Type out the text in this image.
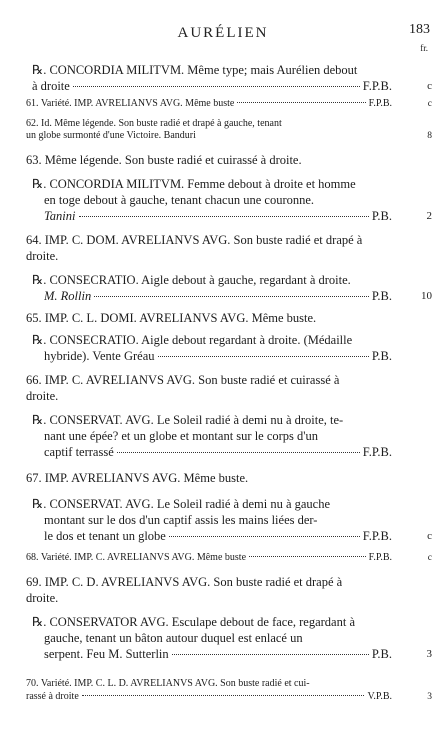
AURÉLIEN	183
fr.
℞. CONCORDIA MILITVM. Même type; mais Aurélien debout
à droite	F.P.B.	c
61. Variété. IMP. AVRELIANVS AVG. Même buste	F.P.B.	c
62. Id. Même légende. Son buste radié et drapé à gauche, tenant
un globe surmonté d'une Victoire. Banduri	8
63. Même légende. Son buste radié et cuirassé à droite.
℞. CONCORDIA MILITVM. Femme debout à droite et homme
en toge debout à gauche, tenant chacun une couronne.
Tanini	P.B.	2
64. IMP. C. DOM. AVRELIANVS AVG. Son buste radié et drapé à
droite.
℞. CONSECRATIO. Aigle debout à gauche, regardant à droite.
M. Rollin	P.B.	10
65. IMP. C. L. DOMI. AVRELIANVS AVG. Même buste.
℞. CONSECRATIO. Aigle debout regardant à droite. (Médaille
hybride). Vente Gréau	P.B.
66. IMP. C. AVRELIANVS AVG. Son buste radié et cuirassé à
droite.
℞. CONSERVAT. AVG. Le Soleil radié à demi nu à droite, te-
nant une épée? et un globe et montant sur le corps d'un
captif terrassé	F.P.B.
67. IMP. AVRELIANVS AVG. Même buste.
℞. CONSERVAT. AVG. Le Soleil radié à demi nu à gauche
montant sur le dos d'un captif assis les mains liées der-
le dos et tenant un globe	F.P.B.	c
68. Variété. IMP. C. AVRELIANVS AVG. Même buste	F.P.B.	c
69. IMP. C. D. AVRELIANVS AVG. Son buste radié et drapé à
droite.
℞. CONSERVATOR AVG. Esculape debout de face, regardant à
gauche, tenant un bâton autour duquel est enlacé un
serpent. Feu M. Sutterlin	P.B.	3
70. Variété. IMP. C. L. D. AVRELIANVS AVG. Son buste radié et cui-
rassé à droite	V.P.B.	3
